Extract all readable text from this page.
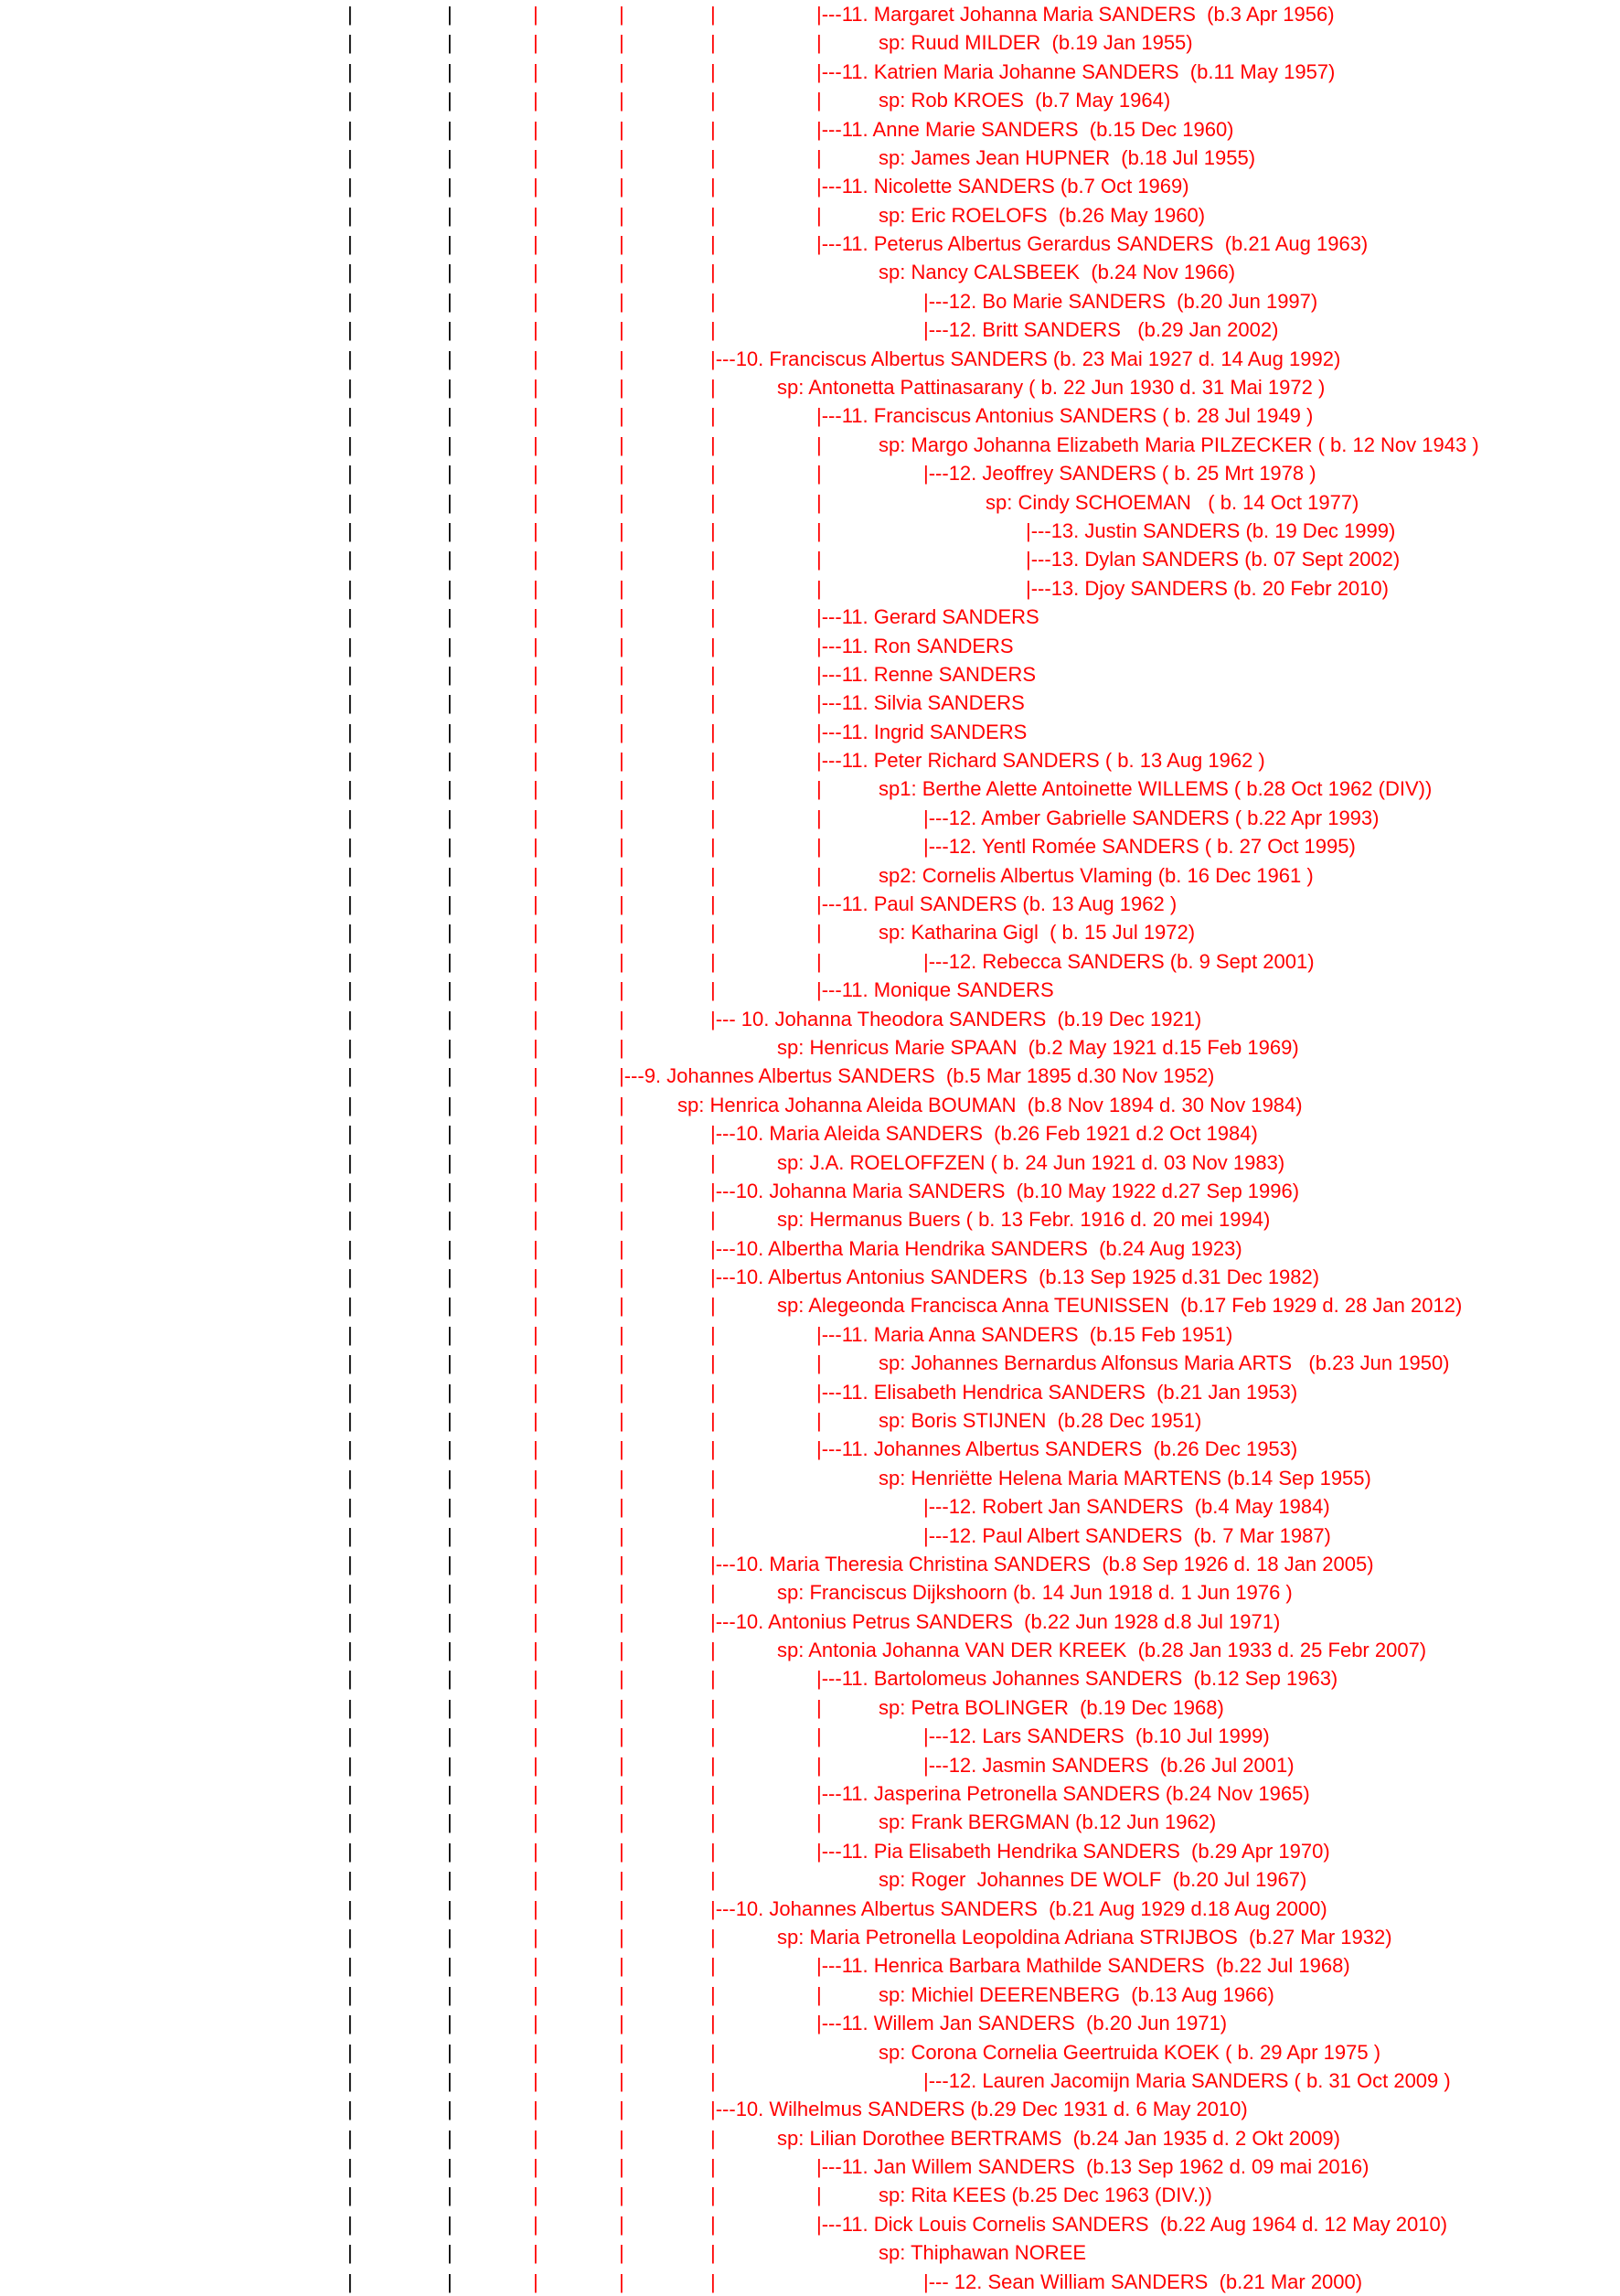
|	|	|	|	|	|---11. Margaret Johanna Maria SANDERS  (b.3 Apr 1956)
|	|	|	|	|	|	sp: Ruud MILDER  (b.19 Jan 1955)
|	|	|	|	|	|---11. Katrien Maria Johanne SANDERS  (b.11 May 1957)
|	|	|	|	|	|	sp: Rob KROES  (b.7 May 1964)
|	|	|	|	|	|---11. Anne Marie SANDERS  (b.15 Dec 1960)
|	|	|	|	|	|	sp: James Jean HUPNER  (b.18 Jul 1955)
|	|	|	|	|	|---11. Nicolette SANDERS (b.7 Oct 1969)
|	|	|	|	|	|	sp: Eric ROELOFS  (b.26 May 1960)
|	|	|	|	|	|---11. Peterus Albertus Gerardus SANDERS  (b.21 Aug 1963)
|	|	|	|	|	sp: Nancy CALSBEEK  (b.24 Nov 1966)
|	|	|	|	|	|---12. Bo Marie SANDERS  (b.20 Jun 1997)
|	|	|	|	|	|---12. Britt SANDERS   (b.29 Jan 2002)
|	|	|	|	|---10. Franciscus Albertus SANDERS (b. 23 Mai 1927 d. 14 Aug 1992)
|	|	|	|	|	sp: Antonetta Pattinasarany ( b. 22 Jun 1930 d. 31 Mai 1972 )
|	|	|	|	|	|---11. Franciscus Antonius SANDERS ( b. 28 Jul 1949 )
|	|	|	|	|	|	sp: Margo Johanna Elizabeth Maria PILZECKER ( b. 12 Nov 1943 )
|	|	|	|	|	|	|---12. Jeoffrey SANDERS ( b. 25 Mrt 1978 )
|	|	|	|	|	|	sp: Cindy SCHOEMAN   ( b. 14 Oct 1977)
|	|	|	|	|	|	|---13. Justin SANDERS (b. 19 Dec 1999)
|	|	|	|	|	|	|---13. Dylan SANDERS (b. 07 Sept 2002)
|	|	|	|	|	|	|---13. Djoy SANDERS (b. 20 Febr 2010)
|	|	|	|	|	|---11. Gerard SANDERS
|	|	|	|	|	|---11. Ron SANDERS
|	|	|	|	|	|---11. Renne SANDERS
|	|	|	|	|	|---11. Silvia SANDERS
|	|	|	|	|	|---11. Ingrid SANDERS
|	|	|	|	|	|---11. Peter Richard SANDERS ( b. 13 Aug 1962 )
|	|	|	|	|	|	sp1: Berthe Alette Antoinette WILLEMS ( b.28 Oct 1962 (DIV))
|	|	|	|	|	|	|---12. Amber Gabrielle SANDERS ( b.22 Apr 1993)
|	|	|	|	|	|	|---12. Yentl Romée SANDERS ( b. 27 Oct 1995)
|	|	|	|	|	|	sp2: Cornelis Albertus Vlaming (b. 16 Dec 1961 )
|	|	|	|	|	|---11. Paul SANDERS (b. 13 Aug 1962 )
|	|	|	|	|	|	sp: Katharina Gigl  ( b. 15 Jul 1972)
|	|	|	|	|	|	|---12. Rebecca SANDERS (b. 9 Sept 2001)
|	|	|	|	|	|---11. Monique SANDERS
|	|	|	|	|--- 10. Johanna Theodora SANDERS  (b.19 Dec 1921)
|	|	|	|	sp: Henricus Marie SPAAN  (b.2 May 1921 d.15 Feb 1969)
|	|	|	|---9. Johannes Albertus SANDERS  (b.5 Mar 1895 d.30 Nov 1952)
|	|	|	|	sp: Henrica Johanna Aleida BOUMAN  (b.8 Nov 1894 d. 30 Nov 1984)
|	|	|	|	|---10. Maria Aleida SANDERS  (b.26 Feb 1921 d.2 Oct 1984)
|	|	|	|	|	sp: J.A. ROELOFFZEN ( b. 24 Jun 1921 d. 03 Nov 1983)
|	|	|	|	|---10. Johanna Maria SANDERS  (b.10 May 1922 d.27 Sep 1996)
|	|	|	|	|	sp: Hermanus Buers ( b. 13 Febr. 1916 d. 20 mei 1994)
|	|	|	|	|---10. Albertha Maria Hendrika SANDERS  (b.24 Aug 1923)
|	|	|	|	|---10. Albertus Antonius SANDERS  (b.13 Sep 1925 d.31 Dec 1982)
|	|	|	|	|	sp: Alegeonda Francisca Anna TEUNISSEN  (b.17 Feb 1929 d. 28 Jan 2012)
|	|	|	|	|	|---11. Maria Anna SANDERS  (b.15 Feb 1951)
|	|	|	|	|	|	sp: Johannes Bernardus Alfonsus Maria ARTS   (b.23 Jun 1950)
|	|	|	|	|	|---11. Elisabeth Hendrica SANDERS  (b.21 Jan 1953)
|	|	|	|	|	|	sp: Boris STIJNEN  (b.28 Dec 1951)
|	|	|	|	|	|---11. Johannes Albertus SANDERS  (b.26 Dec 1953)
|	|	|	|	|	sp: Henriëtte Helena Maria MARTENS (b.14 Sep 1955)
|	|	|	|	|	|---12. Robert Jan SANDERS  (b.4 May 1984)
|	|	|	|	|	|---12. Paul Albert SANDERS  (b. 7 Mar 1987)
|	|	|	|	|---10. Maria Theresia Christina SANDERS  (b.8 Sep 1926 d. 18 Jan 2005)
|	|	|	|	|	sp: Franciscus Dijkshoorn (b. 14 Jun 1918 d. 1 Jun 1976 )
|	|	|	|	|---10. Antonius Petrus SANDERS  (b.22 Jun 1928 d.8 Jul 1971)
|	|	|	|	|	sp: Antonia Johanna VAN DER KREEK  (b.28 Jan 1933 d. 25 Febr 2007)
|	|	|	|	|	|---11. Bartolomeus Johannes SANDERS  (b.12 Sep 1963)
|	|	|	|	|	|	sp: Petra BOLINGER  (b.19 Dec 1968)
|	|	|	|	|	|	|---12. Lars SANDERS  (b.10 Jul 1999)
|	|	|	|	|	|	|---12. Jasmin SANDERS  (b.26 Jul 2001)
|	|	|	|	|	|---11. Jasperina Petronella SANDERS (b.24 Nov 1965)
|	|	|	|	|	|	sp: Frank BERGMAN (b.12 Jun 1962)
|	|	|	|	|	|---11. Pia Elisabeth Hendrika SANDERS  (b.29 Apr 1970)
|	|	|	|	|	sp: Roger  Johannes DE WOLF  (b.20 Jul 1967)
|	|	|	|	|---10. Johannes Albertus SANDERS  (b.21 Aug 1929 d.18 Aug 2000)
|	|	|	|	|	sp: Maria Petronella Leopoldina Adriana STRIJBOS  (b.27 Mar 1932)
|	|	|	|	|	|---11. Henrica Barbara Mathilde SANDERS  (b.22 Jul 1968)
|	|	|	|	|	|	sp: Michiel DEERENBERG  (b.13 Aug 1966)
|	|	|	|	|	|---11. Willem Jan SANDERS  (b.20 Jun 1971)
|	|	|	|	|	sp: Corona Cornelia Geertruida KOEK ( b. 29 Apr 1975 )
|	|	|	|	|	|---12. Lauren Jacomijn Maria SANDERS ( b. 31 Oct 2009 )
|	|	|	|	|---10. Wilhelmus SANDERS (b.29 Dec 1931 d. 6 May 2010)
|	|	|	|	|	sp: Lilian Dorothee BERTRAMS  (b.24 Jan 1935 d. 2 Okt 2009)
|	|	|	|	|	|---11. Jan Willem SANDERS  (b.13 Sep 1962 d. 09 mai 2016)
|	|	|	|	|	|	sp: Rita KEES (b.25 Dec 1963 (DIV.))
|	|	|	|	|	|---11. Dick Louis Cornelis SANDERS  (b.22 Aug 1964 d. 12 May 2010)
|	|	|	|	|	sp: Thiphawan NOREE
|	|	|	|	|	|--- 12. Sean William SANDERS  (b.21 Mar 2000)
